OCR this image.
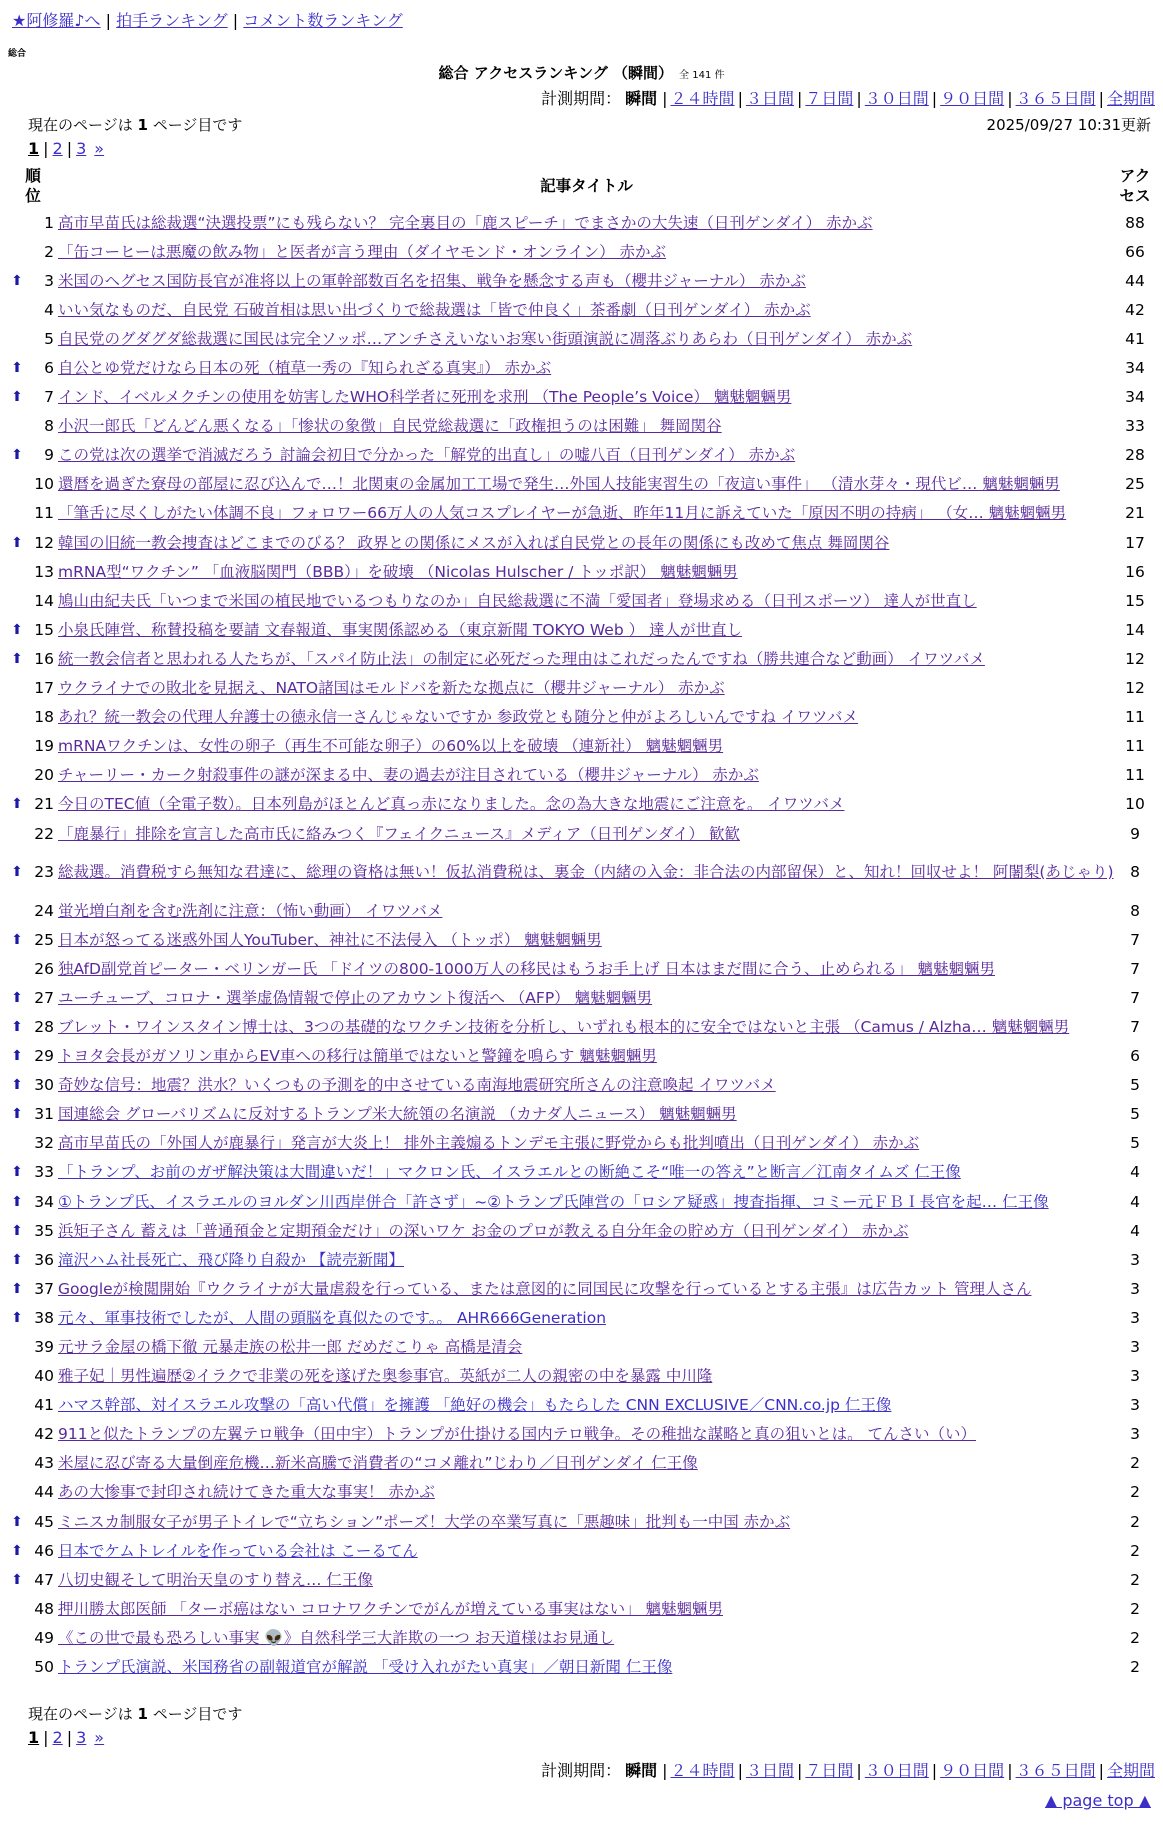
★阿修羅♪へ | 拍手ランキング | コメント数ランキング
総合
総合 アクセスランキング （瞬間） 全 141 件
計測期間： 瞬間 | ２４時間 | ３日間 | ７日間 | ３０日間 | ９０日間 | ３６５日間 | 全期間
現在のページは 1 ページ目です	2025/09/27 10:31更新
1 | 2 | 3 »
順
位		記事タイトル	アク
セス
	1	高市早苗氏は総裁選“決選投票”にも残らない？ 完全裏目の「鹿スピーチ」でまさかの大失速（日刊ゲンダイ） 赤かぶ	88
	2	「缶コーヒーは悪魔の飲み物」と医者が言う理由（ダイヤモンド・オンライン） 赤かぶ	66
⬆	3	米国のヘグセス国防長官が准将以上の軍幹部数百名を招集、戦争を懸念する声も（櫻井ジャーナル） 赤かぶ	44
	4	いい気なものだ、自民党 石破首相は思い出づくりで総裁選は「皆で仲良く」茶番劇（日刊ゲンダイ） 赤かぶ	42
	5	自民党のグダグダ総裁選に国民は完全ソッポ…アンチさえいないお寒い街頭演説に凋落ぶりあらわ（日刊ゲンダイ） 赤かぶ	41
⬆	6	自公とゆ党だけなら日本の死（植草一秀の『知られざる真実』） 赤かぶ	34
⬆	7	インド、イベルメクチンの使用を妨害したWHO科学者に死刑を求刑 （The People’s Voice） 魑魅魍魎男	34
	8	小沢一郎氏「どんどん悪くなる」「惨状の象徴」自民党総裁選に「政権担うのは困難」 舞岡関谷	33
⬆	9	この党は次の選挙で消滅だろう 討論会初日で分かった「解党的出直し」の嘘八百（日刊ゲンダイ） 赤かぶ	28
	10	還暦を過ぎた寮母の部屋に忍び込んで…！北関東の金属加工工場で発生…外国人技能実習生の「夜這い事件」 （清水芽々・現代ビ… 魑魅魍魎男	25
	11	「筆舌に尽くしがたい体調不良」フォロワー66万人の人気コスプレイヤーが急逝、昨年11月に訴えていた「原因不明の持病」 （女… 魑魅魍魎男	21
⬆	12	韓国の旧統一教会捜査はどこまでのびる？ 政界との関係にメスが入れば自民党との長年の関係にも改めて焦点 舞岡関谷	17
	13	mRNA型“ワクチン” 「血液脳関門（BBB）」を破壊 （Nicolas Hulscher / トッポ訳） 魑魅魍魎男	16
	14	鳩山由紀夫氏「いつまで米国の植民地でいるつもりなのか」自民総裁選に不満「愛国者」登場求める（日刊スポーツ） 達人が世直し	15
⬆	15	小泉氏陣営、称賛投稿を要請 文春報道、事実関係認める（東京新聞 TOKYO Web ） 達人が世直し	14
⬆	16	統一教会信者と思われる人たちが、「スパイ防止法」の制定に必死だった理由はこれだったんですね（勝共連合など動画） イワツバメ	12
	17	ウクライナでの敗北を見据え、NATO諸国はモルドバを新たな拠点に（櫻井ジャーナル） 赤かぶ	12
	18	あれ？統一教会の代理人弁護士の徳永信一さんじゃないですか 参政党とも随分と仲がよろしいんですね イワツバメ	11
	19	mRNAワクチンは、女性の卵子（再生不可能な卵子）の60%以上を破壊 （連新社） 魑魅魍魎男	11
	20	チャーリー・カーク射殺事件の謎が深まる中、妻の過去が注目されている（櫻井ジャーナル） 赤かぶ	11
⬆	21	今日のTEC値（全電子数）。日本列島がほとんど真っ赤になりました。念の為大きな地震にご注意を。 イワツバメ	10
	22	「鹿暴行」排除を宣言した高市氏に絡みつく『フェイクニュース』メディア（日刊ゲンダイ） 歓歓	9
⬆	23	総裁選。消費税すら無知な君達に、総理の資格は無い！仮払消費税は、裏金（内緒の入金：非合法の内部留保）と、知れ！回収せよ！ 阿闍梨(あじゃり)	8
	24	蛍光増白剤を含む洗剤に注意：（怖い動画） イワツバメ	8
⬆	25	日本が怒ってる迷惑外国人YouTuber、神社に不法侵入 （トッポ） 魑魅魍魎男	7
	26	独AfD副党首ピーター・ベリンガー氏 「ドイツの800-1000万人の移民はもうお手上げ 日本はまだ間に合う、止められる」 魑魅魍魎男	7
⬆	27	ユーチューブ、コロナ・選挙虚偽情報で停止のアカウント復活へ （AFP） 魑魅魍魎男	7
⬆	28	ブレット・ワインスタイン博士は、3つの基礎的なワクチン技術を分析し、いずれも根本的に安全ではないと主張 （Camus / Alzha… 魑魅魍魎男	7
⬆	29	トヨタ会長がガソリン車からEV車への移行は簡単ではないと警鐘を鳴らす 魑魅魍魎男	6
⬆	30	奇妙な信号：地震？洪水？いくつもの予測を的中させている南海地震研究所さんの注意喚起 イワツバメ	5
⬆	31	国連総会 グローバリズムに反対するトランプ米大統領の名演説 （カナダ人ニュース） 魑魅魍魎男	5
	32	高市早苗氏の「外国人が鹿暴行」発言が大炎上！ 排外主義煽るトンデモ主張に野党からも批判噴出（日刊ゲンダイ） 赤かぶ	5
⬆	33	「トランプ、お前のガザ解決策は大間違いだ！」マクロン氏、イスラエルとの断絶こそ“唯一の答え”と断言／江南タイムズ 仁王像	4
⬆	34	①トランプ氏、イスラエルのヨルダン川西岸併合「許さず」~②トランプ氏陣営の「ロシア疑惑」捜査指揮、コミー元ＦＢＩ長官を起… 仁王像	4
⬆	35	浜矩子さん 蓄えは「普通預金と定期預金だけ」の深いワケ お金のプロが教える自分年金の貯め方（日刊ゲンダイ） 赤かぶ	4
⬆	36	滝沢ハム社長死亡、飛び降り自殺か 【読売新聞】	3
⬆	37	Googleが検閲開始『ウクライナが大量虐殺を行っている、または意図的に同国民に攻撃を行っているとする主張』は広告カット 管理人さん	3
⬆	38	元々、軍事技術でしたが、人間の頭脳を真似たのです。。 AHR666Generation	3
	39	元サラ金屋の橋下徹 元暴走族の松井一郎 だめだこりゃ 高橋是清会	3
	40	雅子妃｜男性遍歴②イラクで非業の死を遂げた奥参事官。英紙が二人の親密の中を暴露 中川隆	3
	41	ハマス幹部、対イスラエル攻撃の「高い代償」を擁護 「絶好の機会」もたらした CNN EXCLUSIVE／CNN.co.jp 仁王像	3
	42	911と似たトランプの左翼テロ戦争（田中宇）トランプが仕掛ける国内テロ戦争。その稚拙な謀略と真の狙いとは。 てんさい（い）	3
	43	米屋に忍び寄る大量倒産危機…新米高騰で消費者の“コメ離れ”じわり／日刊ゲンダイ 仁王像	2
	44	あの大惨事で封印され続けてきた重大な事実！ 赤かぶ	2
⬆	45	ミニスカ制服女子が男子トイレで“立ちション”ポーズ！大学の卒業写真に「悪趣味」批判も一中国 赤かぶ	2
⬆	46	日本でケムトレイルを作っている会社は こーるてん	2
⬆	47	八切史観そして明治天皇のすり替え… 仁王像	2
	48	押川勝太郎医師 「ターボ癌はない コロナワクチンでがんが増えている事実はない」 魑魅魍魎男	2
	49	《この世で最も恐ろしい事実 👽》自然科学三大詐欺の一つ お天道様はお見通し	2
	50	トランプ氏演説、米国務省の副報道官が解説 「受け入れがたい真実」／朝日新聞 仁王像	2
現在のページは 1 ページ目です
1 | 2 | 3 »
計測期間： 瞬間 | ２４時間 | ３日間 | ７日間 | ３０日間 | ９０日間 | ３６５日間 | 全期間
▲ page top ▲
